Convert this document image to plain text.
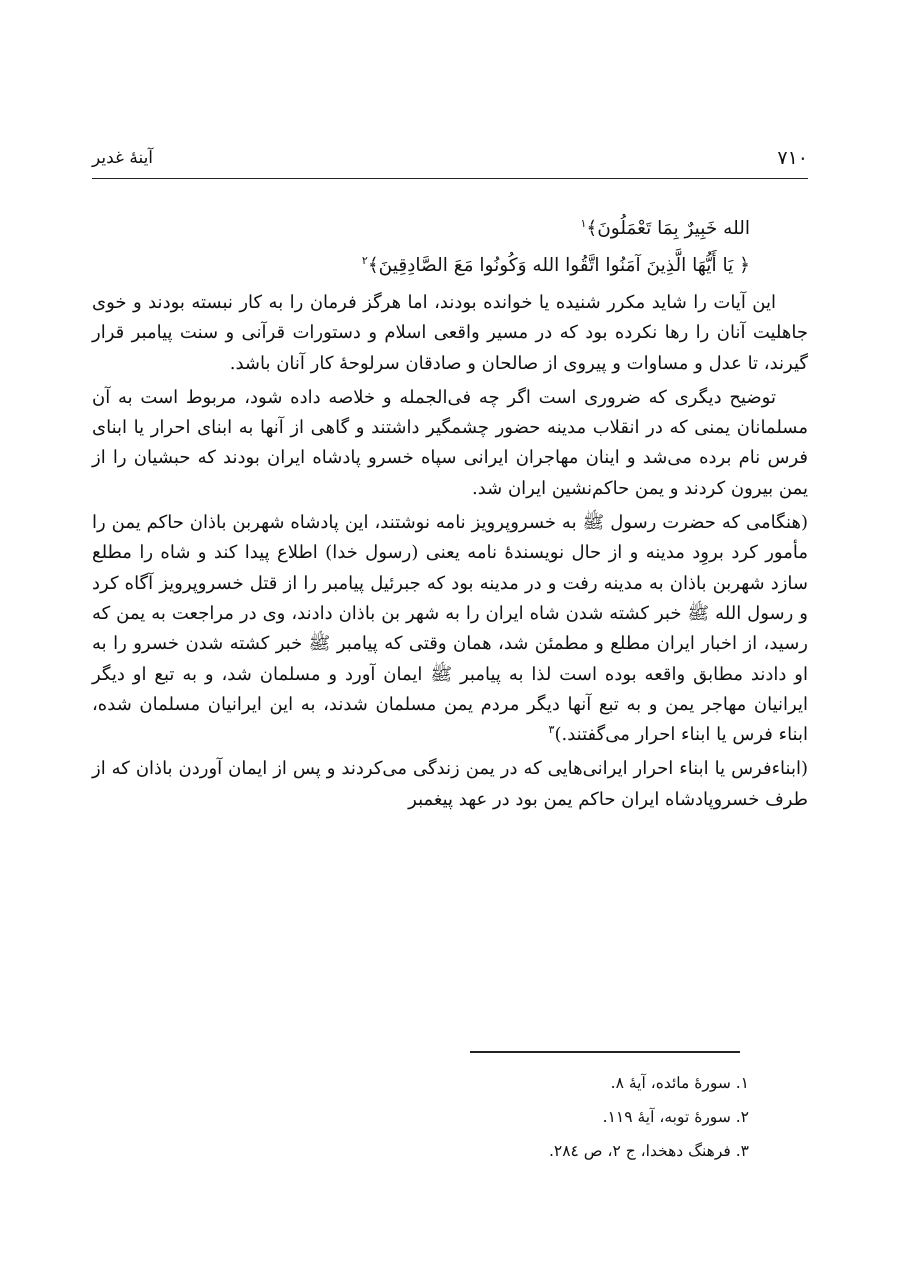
۷۱۰
آینهٔ غدیر

الله خَبِيرٌ بِمَا تَعْمَلُونَ﴾$^۱$

﴿ يَا أَيُّهَا الَّذِينَ آمَنُوا اتَّقُوا الله وَكُونُوا مَعَ الصَّادِقِينَ﴾$^۲$

این آیات را شاید مکرر شنیده یا خوانده بودند، اما هرگز فرمان را به کار نبسته بودند و خوی جاهلیت آنان را رها نکرده بود که در مسیر واقعی اسلام و دستورات قرآنی و سنت پیامبر قرار گیرند، تا عدل و مساوات و پیروی از صالحان و صادقان سرلوحهٔ کار آنان باشد.

توضیح دیگری که ضروری است اگر چه فی‌الجمله و خلاصه داده شود، مربوط است به آن مسلمانان یمنی که در انقلاب مدینه حضور چشمگیر داشتند و گاهی از آنها به ابنای احرار یا ابنای فرس نام برده می‌شد و اینان مهاجران ایرانی سپاه خسرو پادشاه ایران بودند که حبشیان را از یمن بیرون کردند و یمن حاکم‌نشین ایران شد.

(هنگامی که حضرت رسول ﷺ به خسروپرویز نامه نوشتند، این پادشاه شهربن باذان حاکم یمن را مأمور کرد بروِد مدینه و از حال نویسندهٔ نامه یعنی (رسول خدا) اطلاع پیدا کند و شاه را مطلع سازد شهربن باذان به مدینه رفت و در مدینه بود که جبرئیل پیامبر را از قتل خسروپرویز آگاه کرد و رسول الله ﷺ خبر کشته شدن شاه ایران را به شهر بن باذان دادند، وی در مراجعت به یمن که رسید، از اخبار ایران مطلع و مطمئن شد، همان وقتی که پیامبر ﷺ خبر کشته شدن خسرو را به او دادند مطابق واقعه بوده است لذا به پیامبر ﷺ ایمان آورد و مسلمان شد، و به تبع او دیگر ایرانیان مهاجر یمن و به تبع آنها دیگر مردم یمن مسلمان شدند، به این ایرانیان مسلمان شده، ابناء فرس یا ابناء احرار می‌گفتند.)$^۳$

(ابناءفرس یا ابناء احرار ایرانی‌هایی که در یمن زندگی می‌کردند و پس از ایمان آوردن باذان که از طرف خسروپادشاه ایران حاکم یمن بود در عهد پیغمبر

۱. سورهٔ مائده، آیهٔ ۸.
۲. سورهٔ توبه، آیهٔ ۱۱۹.
۳. فرهنگ دهخدا، ج ۲، ص ۲۸٤.
